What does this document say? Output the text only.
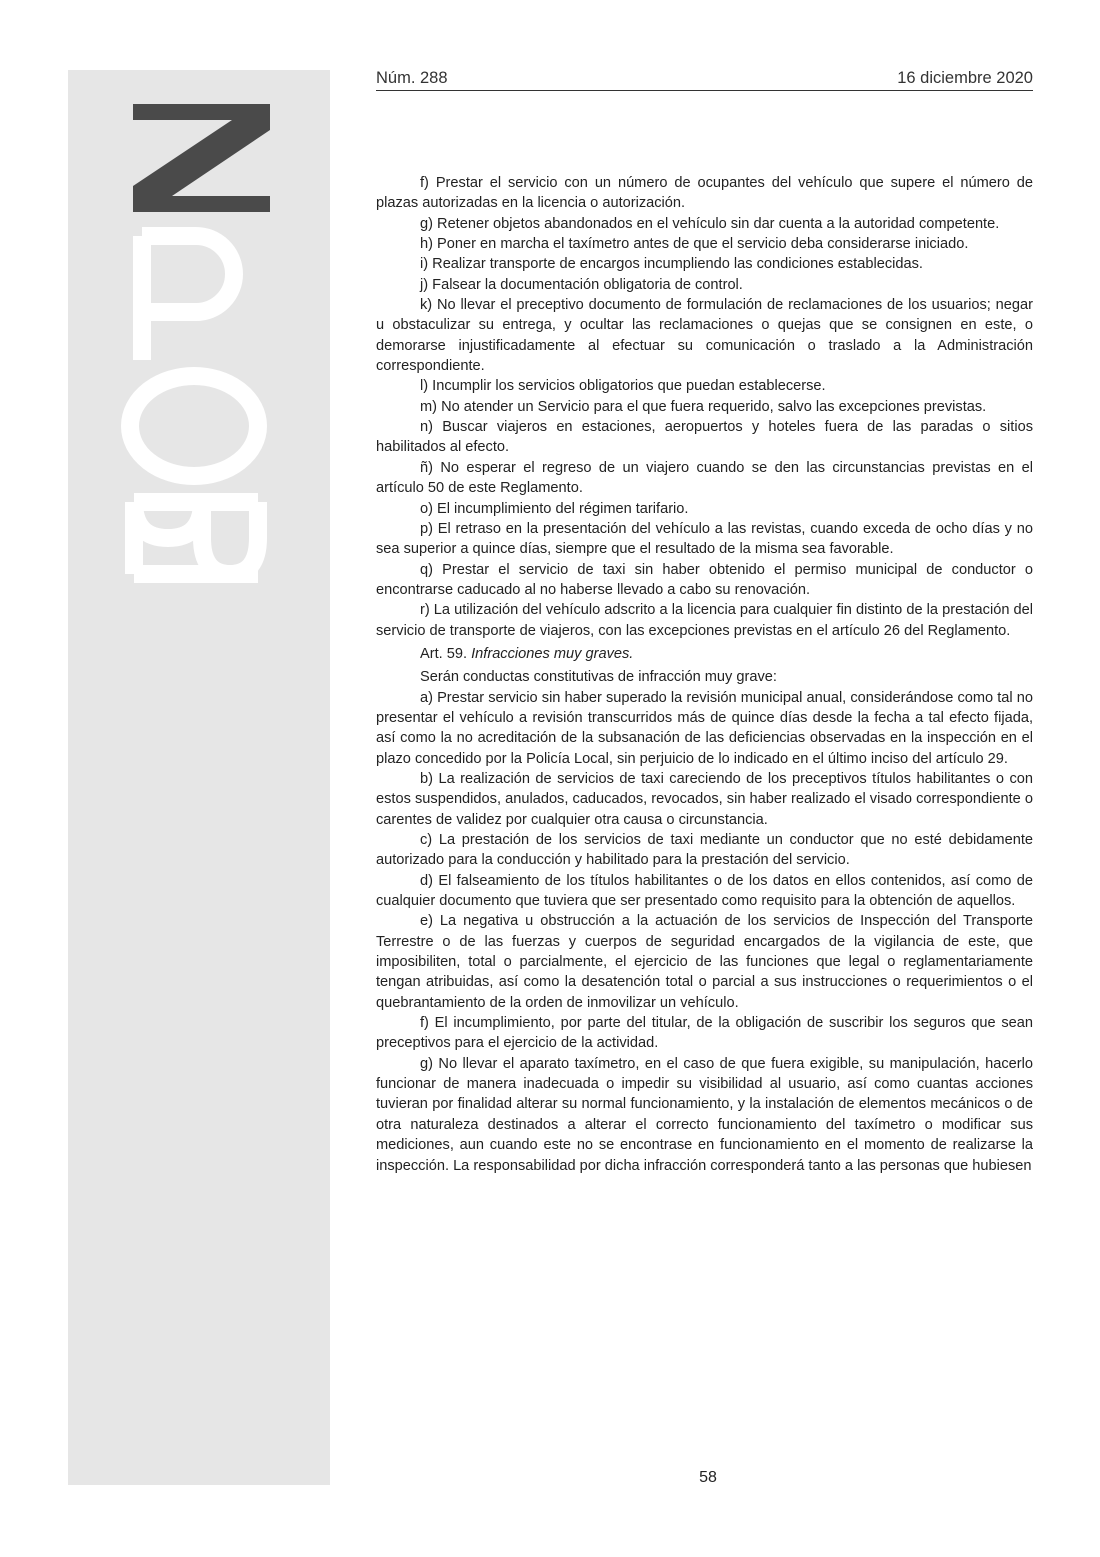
Núm. 288	16 diciembre 2020

f) Prestar el servicio con un número de ocupantes del vehículo que supere el número de plazas autorizadas en la licencia o autorización.

g) Retener objetos abandonados en el vehículo sin dar cuenta a la autoridad competente.

h) Poner en marcha el taxímetro antes de que el servicio deba considerarse iniciado.

i) Realizar transporte de encargos incumpliendo las condiciones establecidas.

j) Falsear la documentación obligatoria de control.

k) No llevar el preceptivo documento de formulación de reclamaciones de los usuarios; negar u obstaculizar su entrega, y ocultar las reclamaciones o quejas que se consignen en este, o demorarse injustificadamente al efectuar su comunicación o traslado a la Administración correspondiente.

l) Incumplir los servicios obligatorios que puedan establecerse.

m) No atender un Servicio para el que fuera requerido, salvo las excepciones previstas.

n) Buscar viajeros en estaciones, aeropuertos y hoteles fuera de las paradas o sitios habilitados al efecto.

ñ) No esperar el regreso de un viajero cuando se den las circunstancias previstas en el artículo 50 de este Reglamento.

o) El incumplimiento del régimen tarifario.

p) El retraso en la presentación del vehículo a las revistas, cuando exceda de ocho días y no sea superior a quince días, siempre que el resultado de la misma sea favorable.

q) Prestar el servicio de taxi sin haber obtenido el permiso municipal de conductor o encontrarse caducado al no haberse llevado a cabo su renovación.

r) La utilización del vehículo adscrito a la licencia para cualquier fin distinto de la prestación del servicio de transporte de viajeros, con las excepciones previstas en el artículo 26 del Reglamento.

Art. 59. Infracciones muy graves.

Serán conductas constitutivas de infracción muy grave:

a) Prestar servicio sin haber superado la revisión municipal anual, considerándose como tal no presentar el vehículo a revisión transcurridos más de quince días desde la fecha a tal efecto fijada, así como la no acreditación de la subsanación de las deficiencias observadas en la inspección en el plazo concedido por la Policía Local, sin perjuicio de lo indicado en el último inciso del artículo 29.

b) La realización de servicios de taxi careciendo de los preceptivos títulos habilitantes o con estos suspendidos, anulados, caducados, revocados, sin haber realizado el visado correspondiente o carentes de validez por cualquier otra causa o circunstancia.

c) La prestación de los servicios de taxi mediante un conductor que no esté debidamente autorizado para la conducción y habilitado para la prestación del servicio.

d) El falseamiento de los títulos habilitantes o de los datos en ellos contenidos, así como de cualquier documento que tuviera que ser presentado como requisito para la obtención de aquellos.

e) La negativa u obstrucción a la actuación de los servicios de Inspección del Transporte Terrestre o de las fuerzas y cuerpos de seguridad encargados de la vigilancia de este, que imposibiliten, total o parcialmente, el ejercicio de las funciones que legal o reglamentariamente tengan atribuidas, así como la desatención total o parcial a sus instrucciones o requerimientos o el quebrantamiento de la orden de inmovilizar un vehículo.

f) El incumplimiento, por parte del titular, de la obligación de suscribir los seguros que sean preceptivos para el ejercicio de la actividad.

g) No llevar el aparato taxímetro, en el caso de que fuera exigible, su manipulación, hacerlo funcionar de manera inadecuada o impedir su visibilidad al usuario, así como cuantas acciones tuvieran por finalidad alterar su normal funcionamiento, y la instalación de elementos mecánicos o de otra naturaleza destinados a alterar el correcto funcionamiento del taxímetro o modificar sus mediciones, aun cuando este no se encontrase en funcionamiento en el momento de realizarse la inspección. La responsabilidad por dicha infracción corresponderá tanto a las personas que hubiesen

58
